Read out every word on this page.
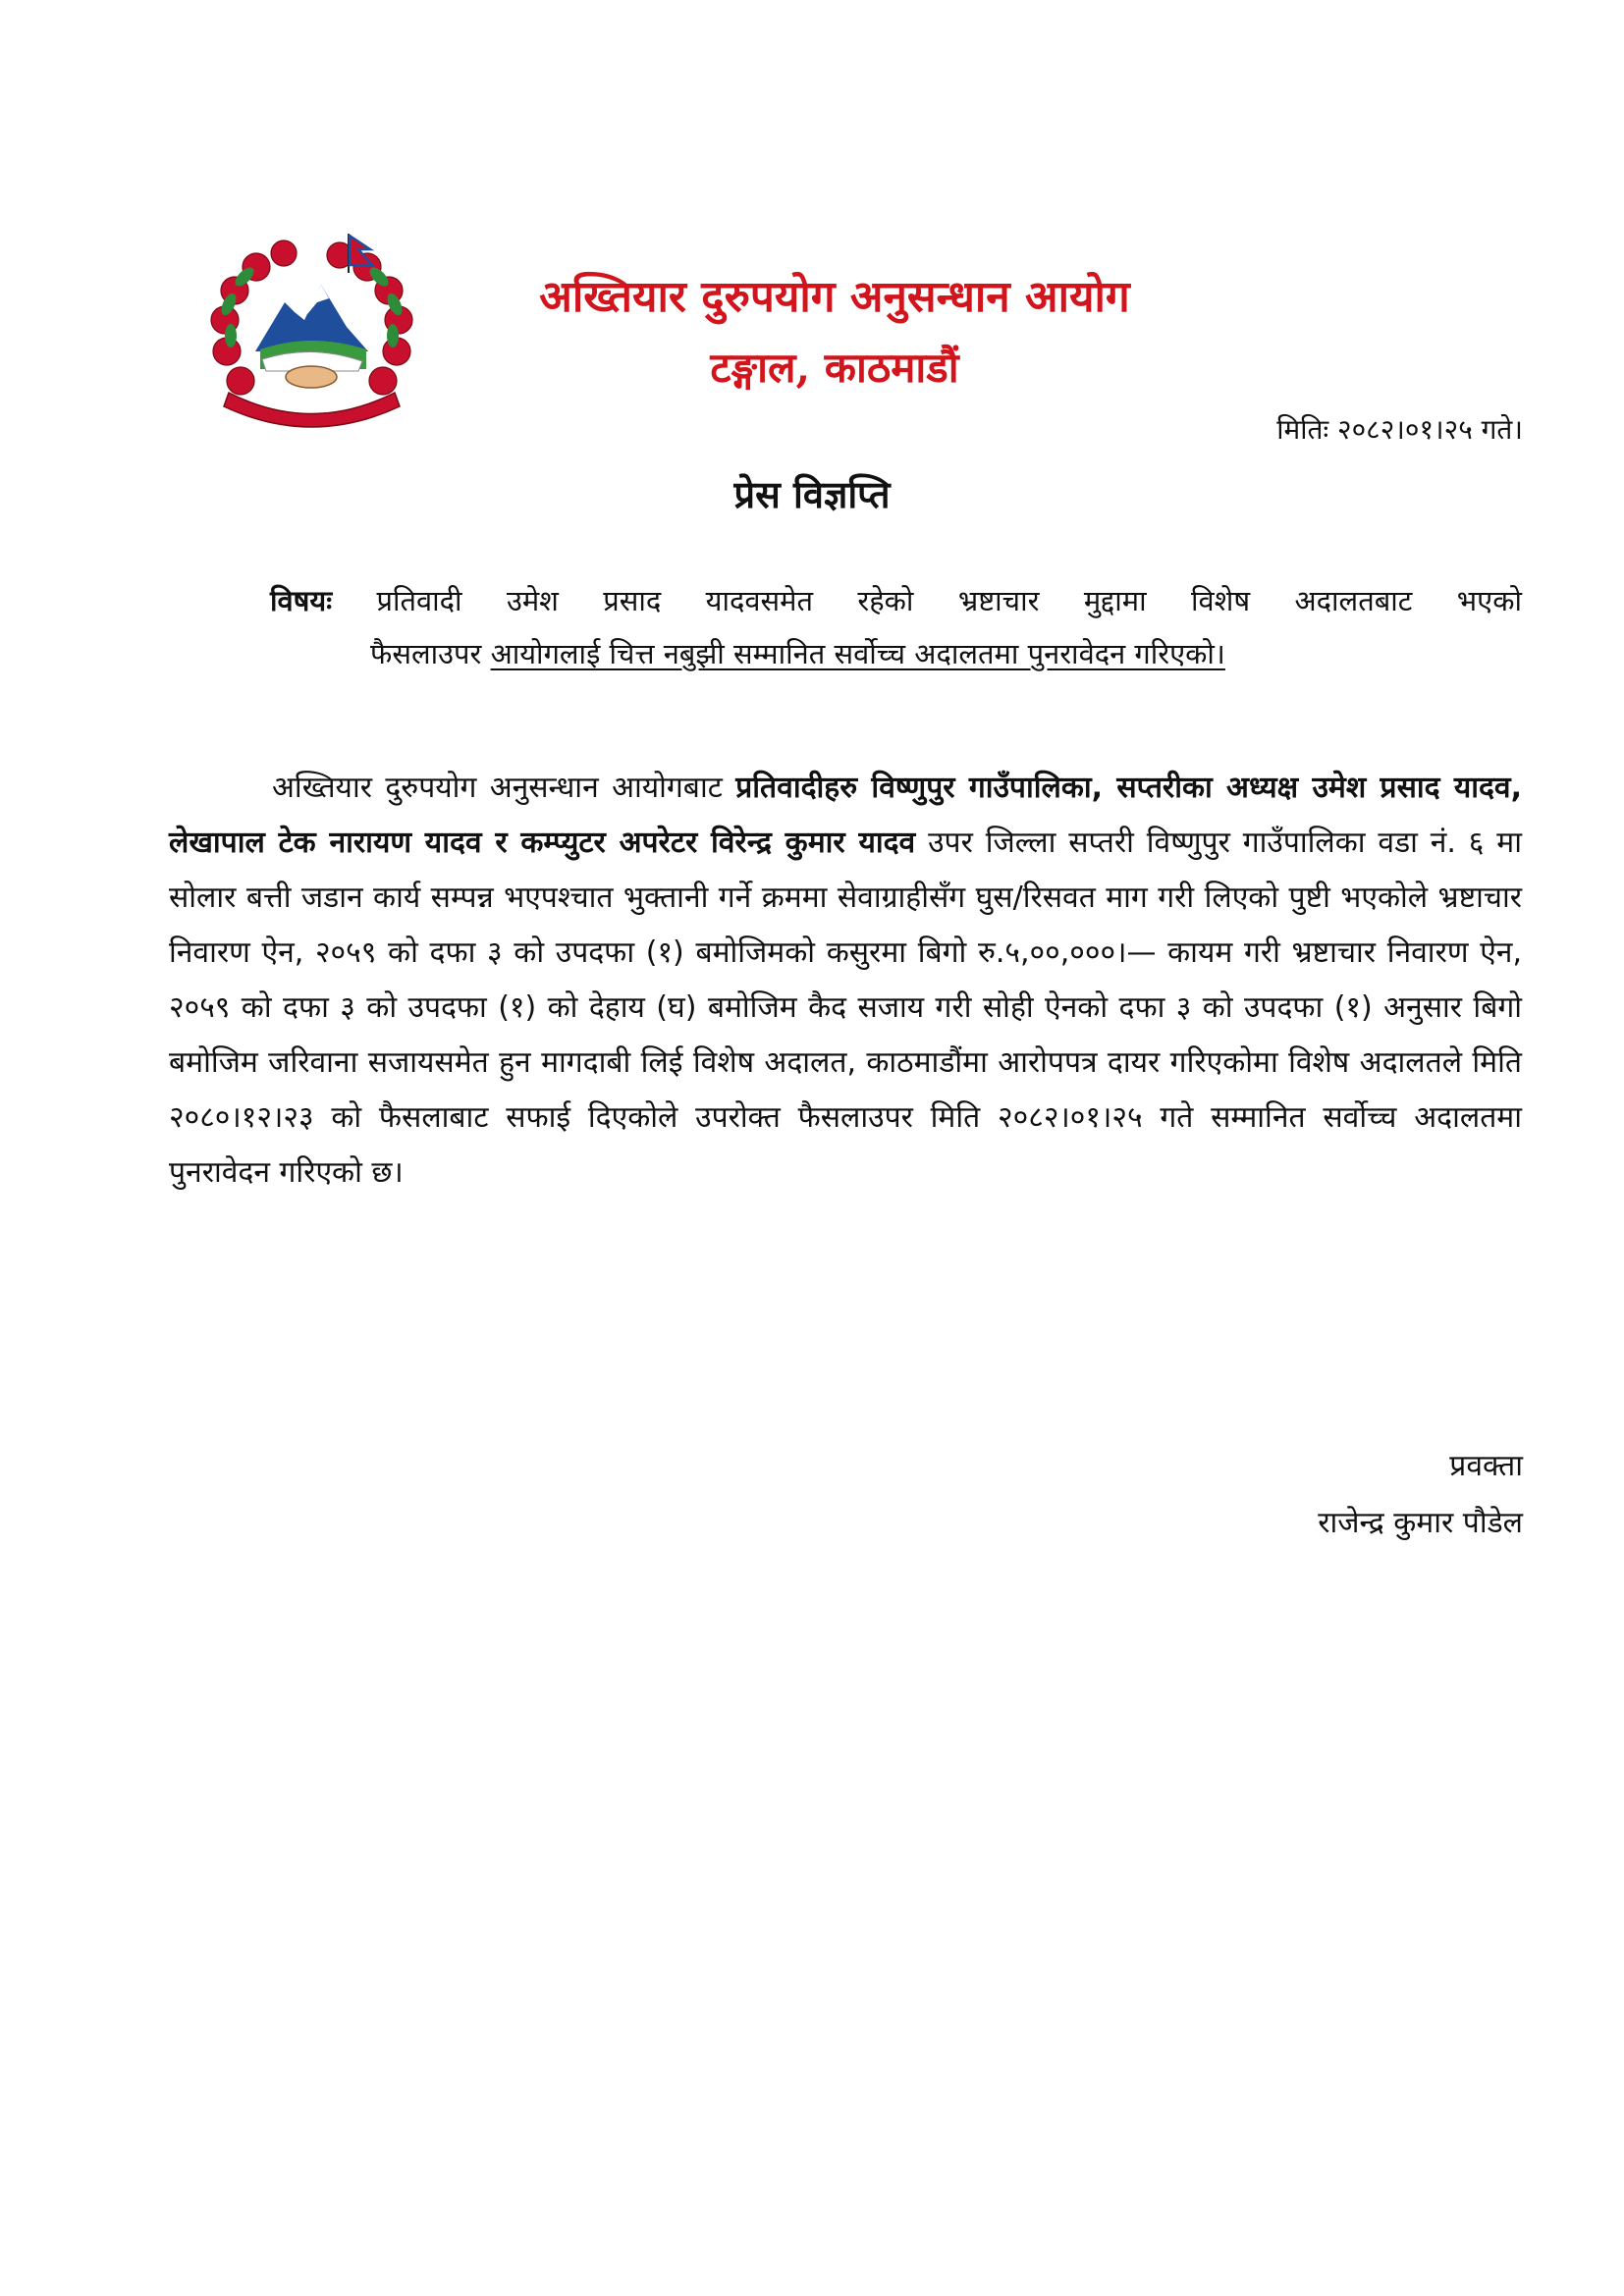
अख्तियार दुरुपयोग अनुसन्धान आयोग
टङ्गाल, काठमाडौं
मितिः २०८२।०१।२५ गते।
प्रेस विज्ञप्ति
विषयः प्रतिवादी उमेश प्रसाद यादवसमेत रहेको भ्रष्टाचार मुद्दामा विशेष अदालतबाट भएको
फैसलाउपर आयोगलाई चित्त नबुझी सम्मानित सर्वोच्च अदालतमा पुनरावेदन गरिएको।
अख्तियार दुरुपयोग अनुसन्धान आयोगबाट प्रतिवादीहरु विष्णुपुर गाउँपालिका, सप्तरीका अध्यक्ष उमेश प्रसाद यादव, लेखापाल टेक नारायण यादव र कम्प्युटर अपरेटर विरेन्द्र कुमार यादव उपर जिल्ला सप्तरी विष्णुपुर गाउँपालिका वडा नं. ६ मा सोलार बत्ती जडान कार्य सम्पन्न भएपश्चात भुक्तानी गर्ने क्रममा सेवाग्राहीसँग घुस/रिसवत माग गरी लिएको पुष्टी भएकोले भ्रष्टाचार निवारण ऐन, २०५९ को दफा ३ को उपदफा (१) बमोजिमको कसुरमा बिगो रु.५,००,०००।— कायम गरी भ्रष्टाचार निवारण ऐन, २०५९ को दफा ३ को उपदफा (१) को देहाय (घ) बमोजिम कैद सजाय गरी सोही ऐनको दफा ३ को उपदफा (१) अनुसार बिगो बमोजिम जरिवाना सजायसमेत हुन मागदाबी लिई विशेष अदालत, काठमाडौंमा आरोपपत्र दायर गरिएकोमा विशेष अदालतले मिति २०८०।१२।२३ को फैसलाबाट सफाई दिएकोले उपरोक्त फैसलाउपर मिति २०८२।०१।२५ गते सम्मानित सर्वोच्च अदालतमा पुनरावेदन गरिएको छ।
प्रवक्ता
राजेन्द्र कुमार पौडेल
